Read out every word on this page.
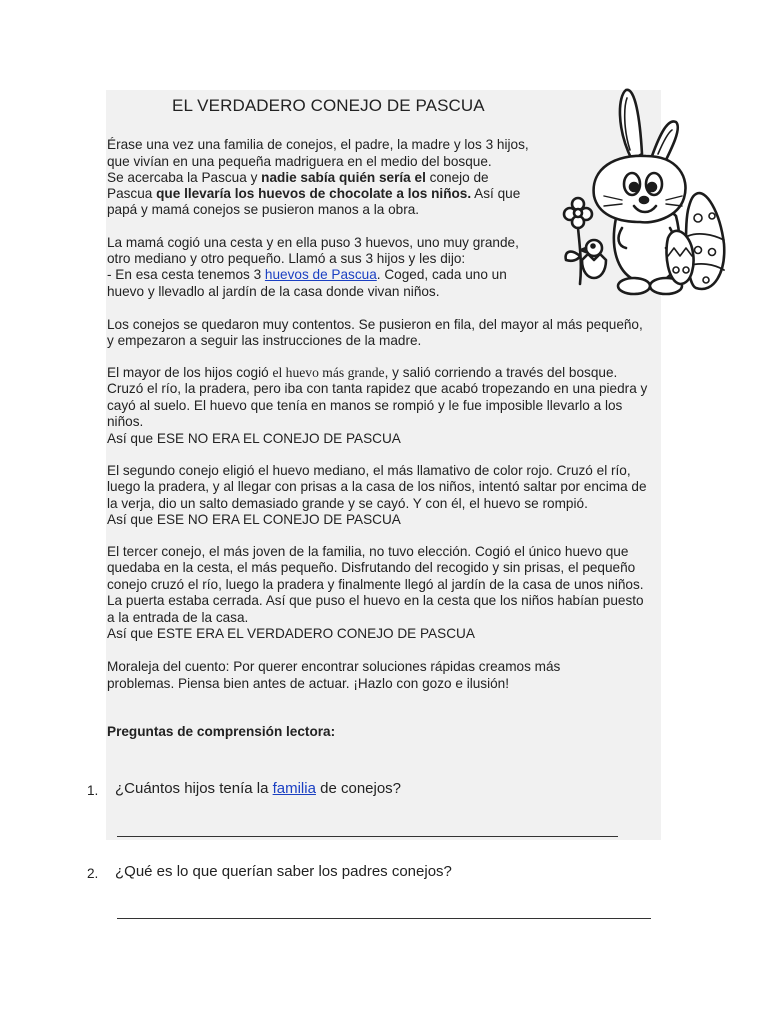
EL VERDADERO CONEJO DE PASCUA
Érase una vez una familia de conejos, el padre, la madre y los 3 hijos,
que vivían en una pequeña madriguera en el medio del bosque.
Se acercaba la Pascua y nadie sabía quién sería el conejo de
Pascua que llevaría los huevos de chocolate a los niños. Así que
papá y mamá conejos se pusieron manos a la obra.
La mamá cogió una cesta y en ella puso 3 huevos, uno muy grande,
otro mediano y otro pequeño. Llamó a sus 3 hijos y les dijo:
- En esa cesta tenemos 3 huevos de Pascua. Coged, cada uno un
huevo y llevadlo al jardín de la casa donde vivan niños.
Los conejos se quedaron muy contentos. Se pusieron en fila, del mayor al más pequeño,
y empezaron a seguir las instrucciones de la madre.
El mayor de los hijos cogió el huevo más grande, y salió corriendo a través del bosque.
Cruzó el río, la pradera, pero iba con tanta rapidez que acabó tropezando en una piedra y
cayó al suelo. El huevo que tenía en manos se rompió y le fue imposible llevarlo a los
niños.
Así que ESE NO ERA EL CONEJO DE PASCUA
El segundo conejo eligió el huevo mediano, el más llamativo de color rojo. Cruzó el río,
luego la pradera, y al llegar con prisas a la casa de los niños, intentó saltar por encima de
la verja, dio un salto demasiado grande y se cayó. Y con él, el huevo se rompió.
Así que ESE NO ERA EL CONEJO DE PASCUA
El tercer conejo, el más joven de la familia, no tuvo elección. Cogió el único huevo que
quedaba en la cesta, el más pequeño. Disfrutando del recogido y sin prisas, el pequeño
conejo cruzó el río, luego la pradera y finalmente llegó al jardín de la casa de unos niños.
La puerta estaba cerrada. Así que puso el huevo en la cesta que los niños habían puesto
a la entrada de la casa.
Así que ESTE ERA EL VERDADERO CONEJO DE PASCUA
Moraleja del cuento: Por querer encontrar soluciones rápidas creamos más
problemas. Piensa bien antes de actuar. ¡Hazlo con gozo e ilusión!
Preguntas de comprensión lectora:
1. ¿Cuántos hijos tenía la familia de conejos?
2. ¿Qué es lo que querían saber los padres conejos?
